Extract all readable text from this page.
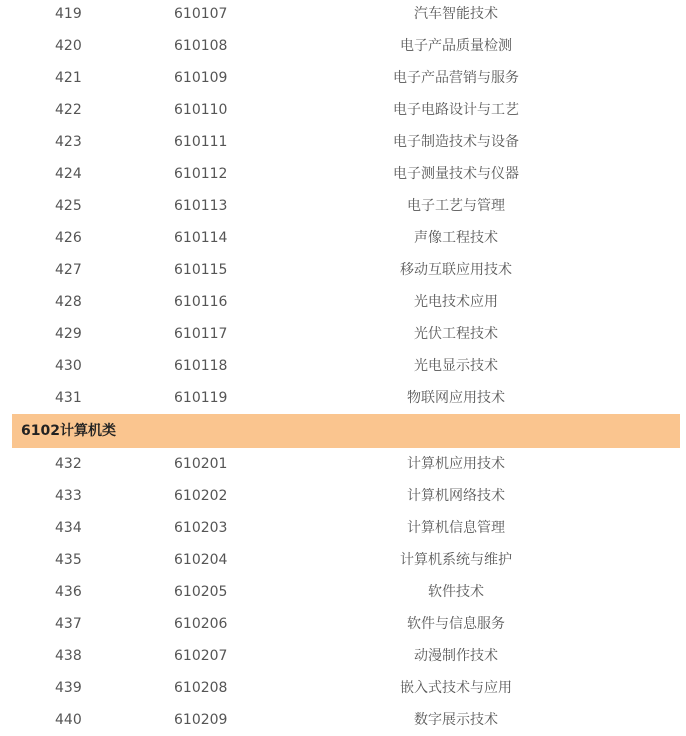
419	610107	汽车智能技术
420	610108	电子产品质量检测
421	610109	电子产品营销与服务
422	610110	电子电路设计与工艺
423	610111	电子制造技术与设备
424	610112	电子测量技术与仪器
425	610113	电子工艺与管理
426	610114	声像工程技术
427	610115	移动互联应用技术
428	610116	光电技术应用
429	610117	光伏工程技术
430	610118	光电显示技术
431	610119	物联网应用技术
6102计算机类
432	610201	计算机应用技术
433	610202	计算机网络技术
434	610203	计算机信息管理
435	610204	计算机系统与维护
436	610205	软件技术
437	610206	软件与信息服务
438	610207	动漫制作技术
439	610208	嵌入式技术与应用
440	610209	数字展示技术
